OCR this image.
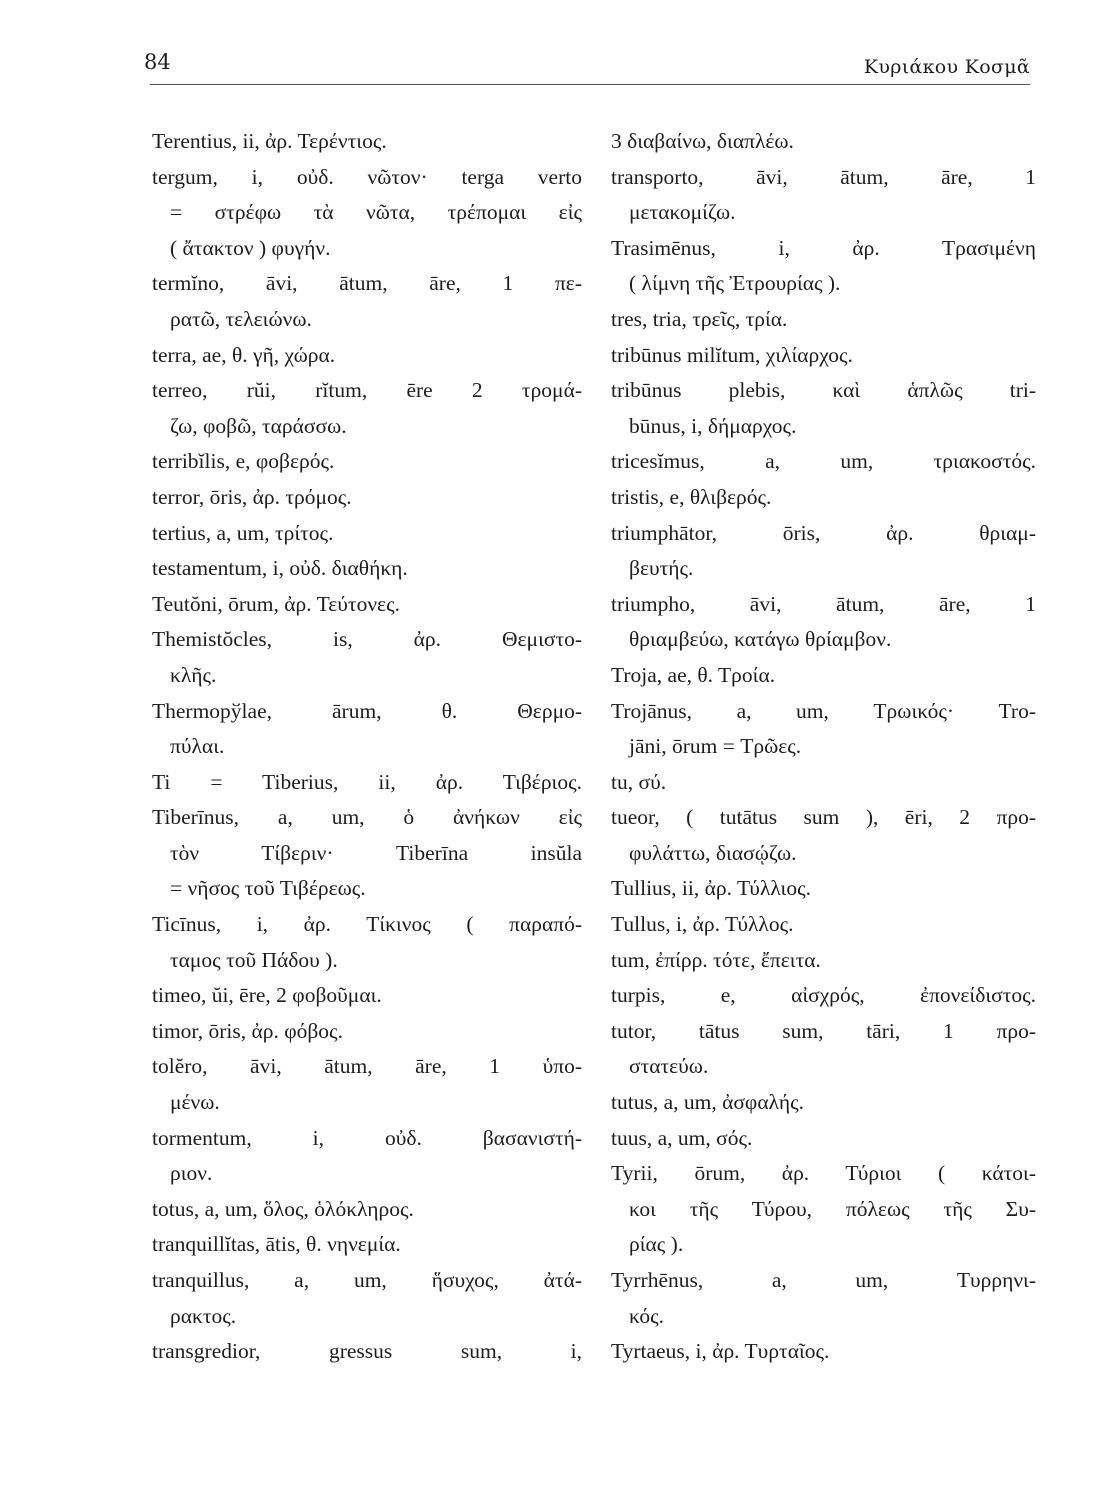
84	Κυριάκου Κοσμᾶ
Terentius, ii, ἀρ. Τερέντιος.
tergum, i, οὐδ. νῶτον· terga verto
= στρέφω τὰ νῶτα, τρέπομαι εἰς
( ἄτακτον ) φυγήν.
termĭno, āvi, ātum, āre, 1 πε-
ρατῶ, τελειώνω.
terra, ae, θ. γῆ, χώρα.
terreo, rŭi, rĭtum, ēre 2 τρομά-
ζω, φοβῶ, ταράσσω.
terribĭlis, e, φοβερός.
terror, ōris, ἀρ. τρόμος.
tertius, a, um, τρίτος.
testamentum, i, οὐδ. διαθήκη.
Teutŏni, ōrum, ἀρ. Τεύτονες.
Themistŏcles, is, ἀρ. Θεμιστο-
κλῆς.
Thermopўlae, ārum, θ. Θερμο-
πύλαι.
Ti = Tiberius, ii, ἀρ. Τιβέριος.
Tiberīnus, a, um, ὁ ἀνήκων εἰς
τὸν Τίβεριν· Tiberīna insŭla
= νῆσος τοῦ Τιβέρεως.
Ticīnus, i, ἀρ. Τίκινος ( παραπό-
ταμος τοῦ Πάδου ).
timeo, ŭi, ēre, 2 φοβοῦμαι.
timor, ōris, ἀρ. φόβος.
tolĕro, āvi, ātum, āre, 1 ὑπο-
μένω.
tormentum, i, οὐδ. βασανιστή-
ριον.
totus, a, um, ὅλος, ὁλόκληρος.
tranquillĭtas, ātis, θ. νηνεμία.
tranquillus, a, um, ἥσυχος, ἀτά-
ρακτος.
transgredior, gressus sum, i,
3 διαβαίνω, διαπλέω.
transporto, āvi, ātum, āre, 1
μετακομίζω.
Trasimēnus, i, ἀρ. Τρασιμένη
( λίμνη τῆς Ἐτρουρίας ).
tres, tria, τρεῖς, τρία.
tribūnus milĭtum, χιλίαρχος.
tribūnus plebis, καὶ ἁπλῶς tri-
būnus, i, δήμαρχος.
tricesĭmus, a, um, τριακοστός.
tristis, e, θλιβερός.
triumphātor, ōris, ἀρ. θριαμ-
βευτής.
triumpho, āvi, ātum, āre, 1
θριαμβεύω, κατάγω θρίαμβον.
Troja, ae, θ. Τροία.
Trojānus, a, um, Τρωικός· Tro-
jāni, ōrum = Τρῶες.
tu, σύ.
tueor, ( tutātus sum ), ēri, 2 προ-
φυλάττω, διασῴζω.
Tullius, ii, ἀρ. Τύλλιος.
Tullus, i, ἀρ. Τύλλος.
tum, ἐπίρρ. τότε, ἔπειτα.
turpis, e, αἰσχρός, ἐπονείδιστος.
tutor, tātus sum, tāri, 1 προ-
στατεύω.
tutus, a, um, ἀσφαλής.
tuus, a, um, σός.
Tyrii, ōrum, ἀρ. Τύριοι ( κάτοι-
κοι τῆς Τύρου, πόλεως τῆς Συ-
ρίας ).
Tyrrhēnus, a, um, Τυρρηνι-
κός.
Tyrtaeus, i, ἀρ. Τυρταῖος.
